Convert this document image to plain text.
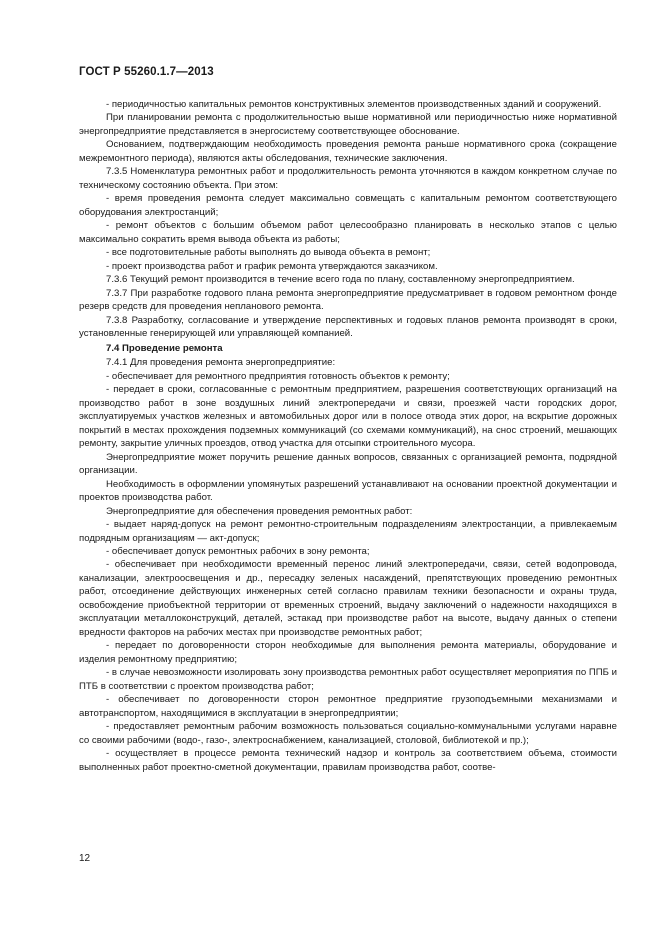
ГОСТ Р 55260.1.7—2013

- периодичностью капитальных ремонтов конструктивных элементов производственных зданий и сооружений.

При планировании ремонта с продолжительностью выше нормативной или периодичностью ниже нормативной энергопредприятие представляется в энергосистему соответствующее обоснование.

Основанием, подтверждающим необходимость проведения ремонта раньше нормативного срока (сокращение межремонтного периода), являются акты обследования, технические заключения.

7.3.5 Номенклатура ремонтных работ и продолжительность ремонта уточняются в каждом конкретном случае по техническому состоянию объекта. При этом:

- время проведения ремонта следует максимально совмещать с капитальным ремонтом соответствующего оборудования электростанций;

- ремонт объектов с большим объемом работ целесообразно планировать в несколько этапов с целью максимально сократить время вывода объекта из работы;

- все подготовительные работы выполнять до вывода объекта в ремонт;

- проект производства работ и график ремонта утверждаются заказчиком.

7.3.6 Текущий ремонт производится в течение всего года по плану, составленному энергопредприятием.

7.3.7 При разработке годового плана ремонта энергопредприятие предусматривает в годовом ремонтном фонде резерв средств для проведения непланового ремонта.

7.3.8 Разработку, согласование и утверждение перспективных и годовых планов ремонта производят в сроки, установленные генерирующей или управляющей компанией.

7.4 Проведение ремонта

7.4.1 Для проведения ремонта энергопредприятие:

- обеспечивает для ремонтного предприятия готовность объектов к ремонту;

- передает в сроки, согласованные с ремонтным предприятием, разрешения соответствующих организаций на производство работ в зоне воздушных линий электропередачи и связи, проезжей части городских дорог, эксплуатируемых участков железных и автомобильных дорог или в полосе отвода этих дорог, на вскрытие дорожных покрытий в местах прохождения подземных коммуникаций (со схемами коммуникаций), на снос строений, мешающих ремонту, закрытие уличных проездов, отвод участка для отсыпки строительного мусора.

Энергопредприятие может поручить решение данных вопросов, связанных с организацией ремонта, подрядной организации.

Необходимость в оформлении упомянутых разрешений устанавливают на основании проектной документации и проектов производства работ.

Энергопредприятие для обеспечения проведения ремонтных работ:

- выдает наряд-допуск на ремонт ремонтно-строительным подразделениям электростанции, а привлекаемым подрядным организациям — акт-допуск;

- обеспечивает допуск ремонтных рабочих в зону ремонта;

- обеспечивает при необходимости временный перенос линий электропередачи, связи, сетей водопровода, канализации, электроосвещения и др., пересадку зеленых насаждений, препятствующих проведению ремонтных работ, отсоединение действующих инженерных сетей согласно правилам техники безопасности и охраны труда, освобождение приобъектной территории от временных строений, выдачу заключений о надежности находящихся в эксплуатации металлоконструкций, деталей, эстакад при производстве работ на высоте, выдачу данных о степени вредности факторов на рабочих местах при производстве ремонтных работ;

- передает по договоренности сторон необходимые для выполнения ремонта материалы, оборудование и изделия ремонтному предприятию;

- в случае невозможности изолировать зону производства ремонтных работ осуществляет мероприятия по ППБ и ПТБ в соответствии с проектом производства работ;

- обеспечивает по договоренности сторон ремонтное предприятие грузоподъемными механизмами и автотранспортом, находящимися в эксплуатации в энергопредприятии;

- предоставляет ремонтным рабочим возможность пользоваться социально-коммунальными услугами наравне со своими рабочими (водо-, газо-, электроснабжением, канализацией, столовой, библиотекой и пр.);

- осуществляет в процессе ремонта технический надзор и контроль за соответствием объема, стоимости выполненных работ проектно-сметной документации, правилам производства работ, соотве-

12
